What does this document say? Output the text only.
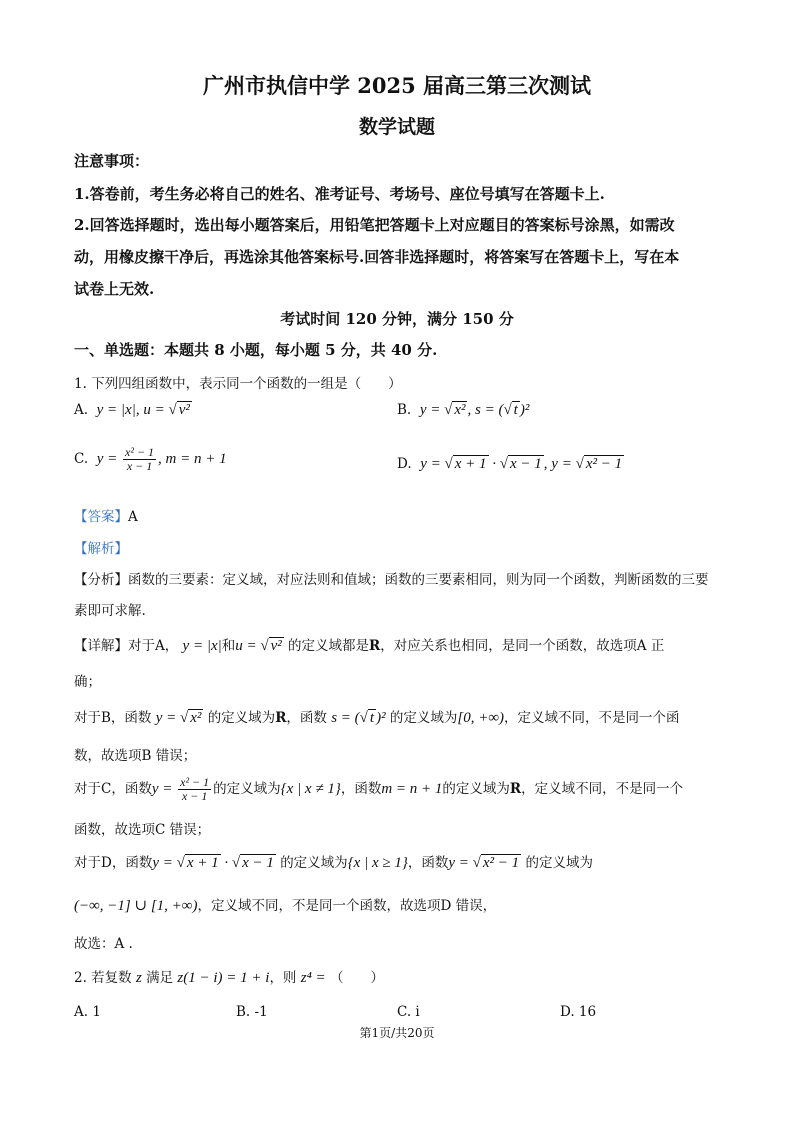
广州市执信中学 2025 届高三第三次测试
数学试题
注意事项：
1.答卷前，考生务必将自己的姓名、准考证号、考场号、座位号填写在答题卡上.
2.回答选择题时，选出每小题答案后，用铅笔把答题卡上对应题目的答案标号涂黑，如需改
动，用橡皮擦干净后，再选涂其他答案标号.回答非选择题时，将答案写在答题卡上，写在本
试卷上无效.
考试时间 120 分钟，满分 150 分
一、单选题：本题共 8 小题，每小题 5 分，共 40 分.
1. 下列四组函数中，表示同一个函数的一组是（　　）
A. y = |x|, u = √ v²	B. y = √ x² , s = (√ t )²
C. $y = \frac{\text{x² − 1}}{x - 1}$ , m = n + 1	D. y = √ x + 1 · √ x − 1 , y = √ x² − 1
【答案】A
【解析】
【分析】函数的三要素：定义域，对应法则和值域；函数的三要素相同，则为同一个函数，判断函数的三要
素即可求解.
【详解】对于A， y = |x|和u = √ v² 的定义域都是R，对应关系也相同，是同一个函数，故选项A 正
确；
对于B，函数 y = √ x² 的定义域为R，函数 s = (√ t )² 的定义域为[0, +∞)，定义域不同，不是同一个函
数，故选项B 错误；
对于C，函数$y = \frac{\text{x² − 1}}{x - 1}$ 的定义域为{x | x ≠ 1}，函数m = n + 1的定义域为R，定义域不同，不是同一个
函数，故选项C 错误；
对于D，函数y = √ x + 1 · √ x − 1 的定义域为{x | x ≥ 1}，函数y = √ x² − 1 的定义域为
(−∞, −1] ∪ [1, +∞)，定义域不同，不是同一个函数，故选项D 错误，
故选：A .
2. 若复数 z 满足 z(1 − i) = 1 + i，则 z⁴ = （　　）
A. 1	B. -1	C. i	D. 16
第1页/共20页
